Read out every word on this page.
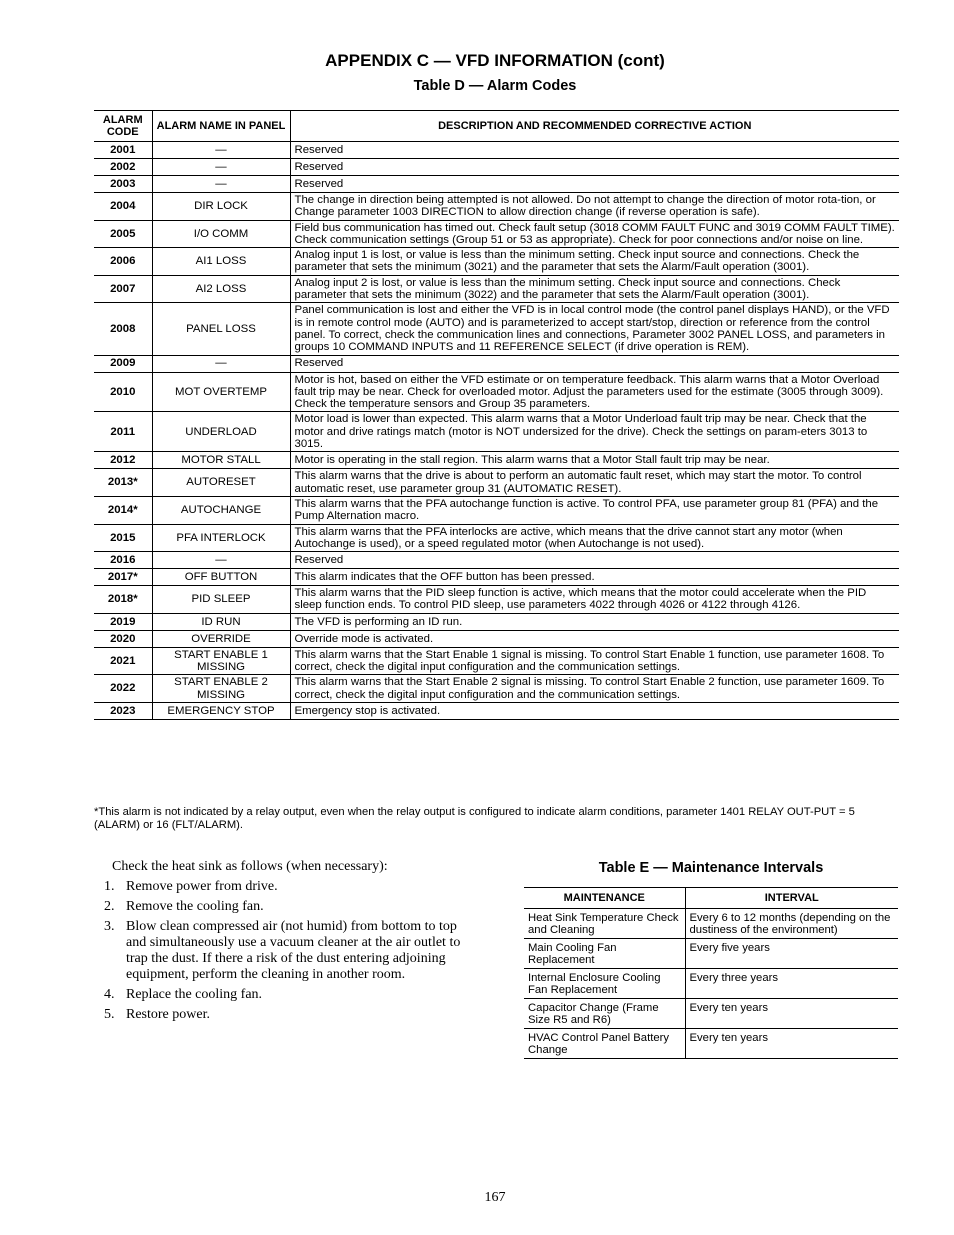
APPENDIX C — VFD INFORMATION (cont)
Table D — Alarm Codes
ALARM CODE	ALARM NAME IN PANEL	DESCRIPTION AND RECOMMENDED CORRECTIVE ACTION
2001	—	Reserved
2002	—	Reserved
2003	—	Reserved
2004	DIR LOCK	The change in direction being attempted is not allowed. Do not attempt to change the direction of motor rota-tion, or Change parameter 1003 DIRECTION to allow direction change (if reverse operation is safe).
2005	I/O COMM	Field bus communication has timed out. Check fault setup (3018 COMM FAULT FUNC and 3019 COMM FAULT TIME). Check communication settings (Group 51 or 53 as appropriate). Check for poor connections and/or noise on line.
2006	AI1 LOSS	Analog input 1 is lost, or value is less than the minimum setting. Check input source and connections. Check the parameter that sets the minimum (3021) and the parameter that sets the Alarm/Fault operation (3001).
2007	AI2 LOSS	Analog input 2 is lost, or value is less than the minimum setting. Check input source and connections. Check parameter that sets the minimum (3022) and the parameter that sets the Alarm/Fault operation (3001).
2008	PANEL LOSS	Panel communication is lost and either the VFD is in local control mode (the control panel displays HAND), or the VFD is in remote control mode (AUTO) and is parameterized to accept start/stop, direction or reference from the control panel. To correct, check the communication lines and connections, Parameter 3002 PANEL LOSS, and parameters in groups 10 COMMAND INPUTS and 11 REFERENCE SELECT (if drive operation is REM).
2009	—	Reserved
2010	MOT OVERTEMP	Motor is hot, based on either the VFD estimate or on temperature feedback. This alarm warns that a Motor Overload fault trip may be near. Check for overloaded motor. Adjust the parameters used for the estimate (3005 through 3009). Check the temperature sensors and Group 35 parameters.
2011	UNDERLOAD	Motor load is lower than expected. This alarm warns that a Motor Underload fault trip may be near. Check that the motor and drive ratings match (motor is NOT undersized for the drive). Check the settings on param-eters 3013 to 3015.
2012	MOTOR STALL	Motor is operating in the stall region. This alarm warns that a Motor Stall fault trip may be near.
2013*	AUTORESET	This alarm warns that the drive is about to perform an automatic fault reset, which may start the motor. To control automatic reset, use parameter group 31 (AUTOMATIC RESET).
2014*	AUTOCHANGE	This alarm warns that the PFA autochange function is active. To control PFA, use parameter group 81 (PFA) and the Pump Alternation macro.
2015	PFA INTERLOCK	This alarm warns that the PFA interlocks are active, which means that the drive cannot start any motor (when Autochange is used), or a speed regulated motor (when Autochange is not used).
2016	—	Reserved
2017*	OFF BUTTON	This alarm indicates that the OFF button has been pressed.
2018*	PID SLEEP	This alarm warns that the PID sleep function is active, which means that the motor could accelerate when the PID sleep function ends. To control PID sleep, use parameters 4022 through 4026 or 4122 through 4126.
2019	ID RUN	The VFD is performing an ID run.
2020	OVERRIDE	Override mode is activated.
2021	START ENABLE 1 MISSING	This alarm warns that the Start Enable 1 signal is missing. To control Start Enable 1 function, use parameter 1608. To correct, check the digital input configuration and the communication settings.
2022	START ENABLE 2 MISSING	This alarm warns that the Start Enable 2 signal is missing. To control Start Enable 2 function, use parameter 1609. To correct, check the digital input configuration and the communication settings.
2023	EMERGENCY STOP	Emergency stop is activated.
*This alarm is not indicated by a relay output, even when the relay output is configured to indicate alarm conditions, parameter 1401 RELAY OUT-PUT = 5 (ALARM) or 16 (FLT/ALARM).

Check the heat sink as follows (when necessary):

1. Remove power from drive.
2. Remove the cooling fan.
3. Blow clean compressed air (not humid) from bottom to top and simultaneously use a vacuum cleaner at the air outlet to trap the dust. If there a risk of the dust entering adjoining equipment, perform the cleaning in another room.
4. Replace the cooling fan.
5. Restore power.
Table E — Maintenance Intervals
MAINTENANCE	INTERVAL
Heat Sink Temperature Check and Cleaning	Every 6 to 12 months (depending on the dustiness of the environment)
Main Cooling Fan Replacement	Every five years
Internal Enclosure Cooling Fan Replacement	Every three years
Capacitor Change (Frame Size R5 and R6)	Every ten years
HVAC Control Panel Battery Change	Every ten years
167
